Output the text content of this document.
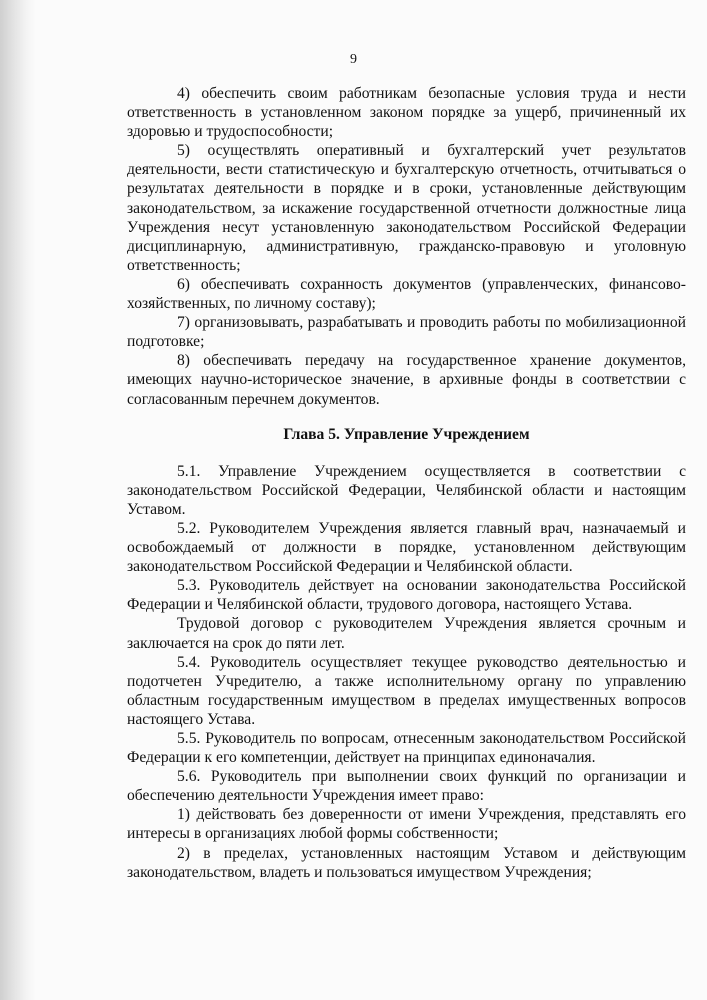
9

4) обеспечить своим работникам безопасные условия труда и нести ответственность в установленном законом порядке за ущерб, причиненный их здоровью и трудоспособности;

5) осуществлять оперативный и бухгалтерский учет результатов деятельности, вести статистическую и бухгалтерскую отчетность, отчитываться о результатах деятельности в порядке и в сроки, установленные действующим законодательством, за искажение государственной отчетности должностные лица Учреждения несут установленную законодательством Российской Федерации дисциплинарную, административную, гражданско-правовую и уголовную ответственность;

6) обеспечивать сохранность документов (управленческих, финансово-хозяйственных, по личному составу);

7) организовывать, разрабатывать и проводить работы по мобилизационной подготовке;

8) обеспечивать передачу на государственное хранение документов, имеющих научно-историческое значение, в архивные фонды в соответствии с согласованным перечнем документов.

Глава 5. Управление Учреждением

5.1. Управление Учреждением осуществляется в соответствии с законодательством Российской Федерации, Челябинской области и настоящим Уставом.

5.2. Руководителем Учреждения является главный врач, назначаемый и освобождаемый от должности в порядке, установленном действующим законодательством Российской Федерации и Челябинской области.

5.3. Руководитель действует на основании законодательства Российской Федерации и Челябинской области, трудового договора, настоящего Устава.

Трудовой договор с руководителем Учреждения является срочным и заключается на срок до пяти лет.

5.4. Руководитель осуществляет текущее руководство деятельностью и подотчетен Учредителю, а также исполнительному органу по управлению областным государственным имуществом в пределах имущественных вопросов настоящего Устава.

5.5. Руководитель по вопросам, отнесенным законодательством Российской Федерации к его компетенции, действует на принципах единоначалия.

5.6. Руководитель при выполнении своих функций по организации и обеспечению деятельности Учреждения имеет право:

1) действовать без доверенности от имени Учреждения, представлять его интересы в организациях любой формы собственности;

2) в пределах, установленных настоящим Уставом и действующим законодательством, владеть и пользоваться имуществом Учреждения;
